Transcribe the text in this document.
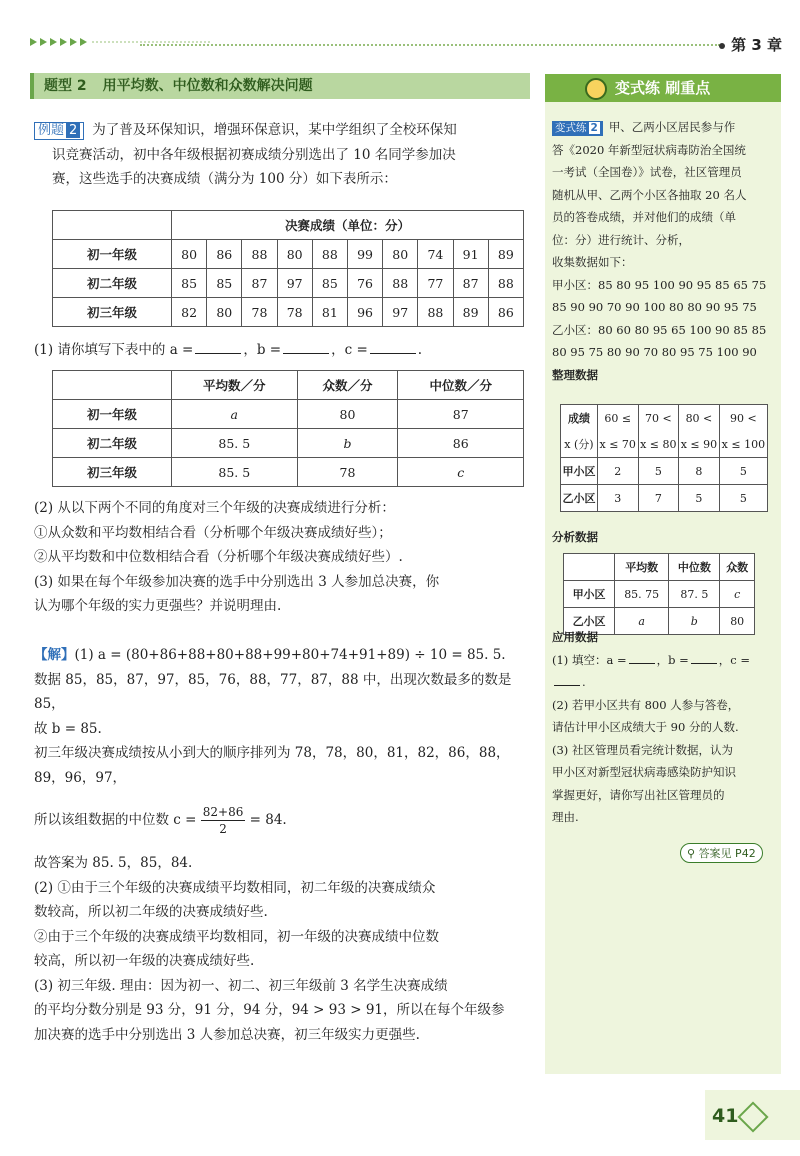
第 3 章
题型 2 用平均数、中位数和众数解决问题	变式练 刷重点
例题 2 为了普及环保知识，增强环保意识，某中学组织了全校环保知
识竞赛活动，初中各年级根据初赛成绩分别选出了 10 名同学参加决
赛，这些选手的决赛成绩（满分为 100 分）如下表所示：
	决赛成绩（单位：分）									
初一年级	80	86	88	80	88	99	80	74	91	89
初二年级	85	85	87	97	85	76	88	77	87	88
初三年级	82	80	78	78	81	96	97	88	89	86
(1) 请你填写下表中的 a =	，b =	，c =	.
	平均数／分	众数／分	中位数／分
初一年级	a	80	87
初二年级	85. 5	b	86
初三年级	85. 5	78	c
(2) 从以下两个不同的角度对三个年级的决赛成绩进行分析：
①从众数和平均数相结合看（分析哪个年级决赛成绩好些）；
②从平均数和中位数相结合看（分析哪个年级决赛成绩好些）.
(3) 如果在每个年级参加决赛的选手中分别选出 3 人参加总决赛，你
认为哪个年级的实力更强些？并说明理由.
【解】(1) a = (80+86+88+80+88+99+80+74+91+89) ÷ 10 = 85. 5.
数据 85，85，87，97，85，76，88，77，87，88 中，出现次数最多的数是 85，
故 b = 85.
初三年级决赛成绩按从小到大的顺序排列为 78，78，80，81，82，86，88，
89，96，97，
所以该组数据的中位数 $c = \frac{82+86}{2} = 84$.
故答案为 85. 5，85，84.
(2) ①由于三个年级的决赛成绩平均数相同，初二年级的决赛成绩众
数较高，所以初二年级的决赛成绩好些.
②由于三个年级的决赛成绩平均数相同，初一年级的决赛成绩中位数
较高，所以初一年级的决赛成绩好些.
(3) 初三年级. 理由：因为初一、初二、初三年级前 3 名学生决赛成绩
的平均分数分别是 93 分，91 分，94 分，94 > 93 > 91，所以在每个年级参
加决赛的选手中分别选出 3 人参加总决赛，初三年级实力更强些.
变式练 2 甲、乙两小区居民参与作
答《2020 年新型冠状病毒防治全国统
一考试（全国卷）》试卷，社区管理员
随机从甲、乙两个小区各抽取 20 名人
员的答卷成绩，并对他们的成绩（单
位：分）进行统计、分析，
收集数据如下：
甲小区：85 80 95 100 90 95 85 65 75
85 90 90 70 90 100 80 80 90 95 75
乙小区：80 60 80 95 65 100 90 85 85
80 95 75 80 90 70 80 95 75 100 90
整理数据
成绩	60 ≤	70 <	80 <	90 <
x (分)	x ≤ 70	x ≤ 80	x ≤ 90	x ≤ 100
甲小区	2	5	8	5
乙小区	3	7	5	5
分析数据
	平均数	中位数	众数
甲小区	85. 75	87. 5	c
乙小区	a	b	80
应用数据
(1) 填空：a =	，b =	，c =.
(2) 若甲小区共有 800 人参与答卷，
请估计甲小区成绩大于 90 分的人数.
(3) 社区管理员看完统计数据，认为
甲小区对新型冠状病毒感染防护知识
掌握更好，请你写出社区管理员的
理由.
⚲ 答案见 P42
41
